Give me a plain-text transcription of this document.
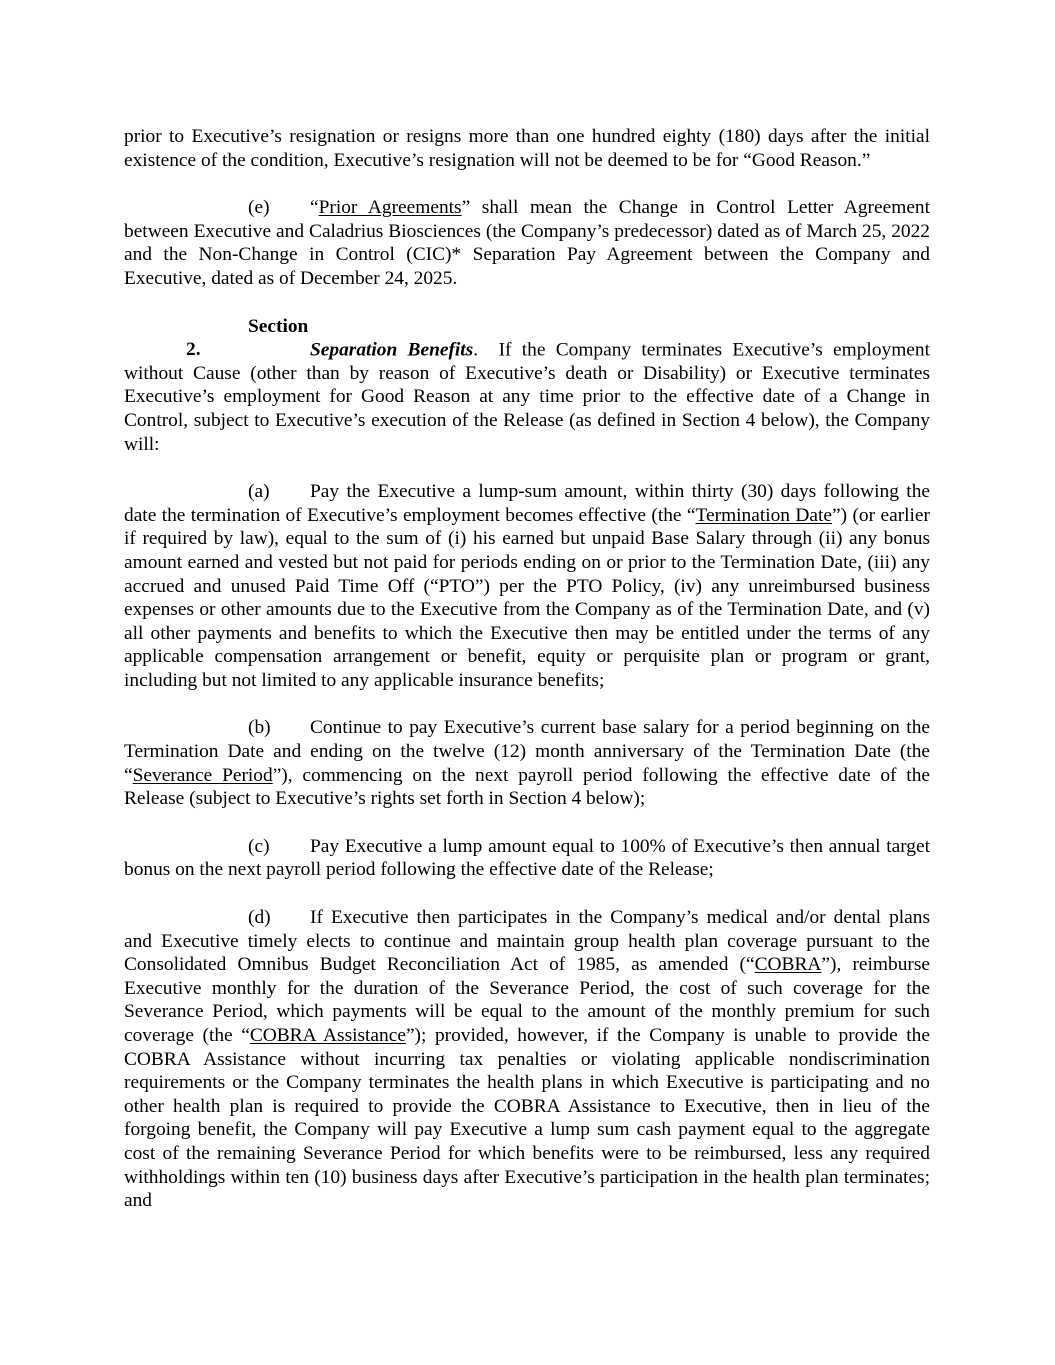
prior to Executive’s resignation or resigns more than one hundred eighty (180) days after the initial existence of the condition, Executive’s resignation will not be deemed to be for “Good Reason.”

(e) “Prior Agreements” shall mean the Change in Control Letter Agreement between Executive and Caladrius Biosciences (the Company’s predecessor) dated as of March 25, 2022 and the Non-Change in Control (CIC)* Separation Pay Agreement between the Company and Executive, dated as of December 24, 2025.

Section 2.	Separation Benefits. If the Company terminates Executive’s employment without Cause (other than by reason of Executive’s death or Disability) or Executive terminates Executive’s employment for Good Reason at any time prior to the effective date of a Change in Control, subject to Executive’s execution of the Release (as defined in Section 4 below), the Company will:

(a) Pay the Executive a lump-sum amount, within thirty (30) days following the date the termination of Executive’s employment becomes effective (the “Termination Date”) (or earlier if required by law), equal to the sum of (i) his earned but unpaid Base Salary through (ii) any bonus amount earned and vested but not paid for periods ending on or prior to the Termination Date, (iii) any accrued and unused Paid Time Off (“PTO”) per the PTO Policy, (iv) any unreimbursed business expenses or other amounts due to the Executive from the Company as of the Termination Date, and (v) all other payments and benefits to which the Executive then may be entitled under the terms of any applicable compensation arrangement or benefit, equity or perquisite plan or program or grant, including but not limited to any applicable insurance benefits;

(b) Continue to pay Executive’s current base salary for a period beginning on the Termination Date and ending on the twelve (12) month anniversary of the Termination Date (the “Severance Period”), commencing on the next payroll period following the effective date of the Release (subject to Executive’s rights set forth in Section 4 below);

(c) Pay Executive a lump amount equal to 100% of Executive’s then annual target bonus on the next payroll period following the effective date of the Release;

(d) If Executive then participates in the Company’s medical and/or dental plans and Executive timely elects to continue and maintain group health plan coverage pursuant to the Consolidated Omnibus Budget Reconciliation Act of 1985, as amended (“COBRA”), reimburse Executive monthly for the duration of the Severance Period, the cost of such coverage for the Severance Period, which payments will be equal to the amount of the monthly premium for such coverage (the “COBRA Assistance”); provided, however, if the Company is unable to provide the COBRA Assistance without incurring tax penalties or violating applicable nondiscrimination requirements or the Company terminates the health plans in which Executive is participating and no other health plan is required to provide the COBRA Assistance to Executive, then in lieu of the forgoing benefit, the Company will pay Executive a lump sum cash payment equal to the aggregate cost of the remaining Severance Period for which benefits were to be reimbursed, less any required withholdings within ten (10) business days after Executive’s participation in the health plan terminates; and
